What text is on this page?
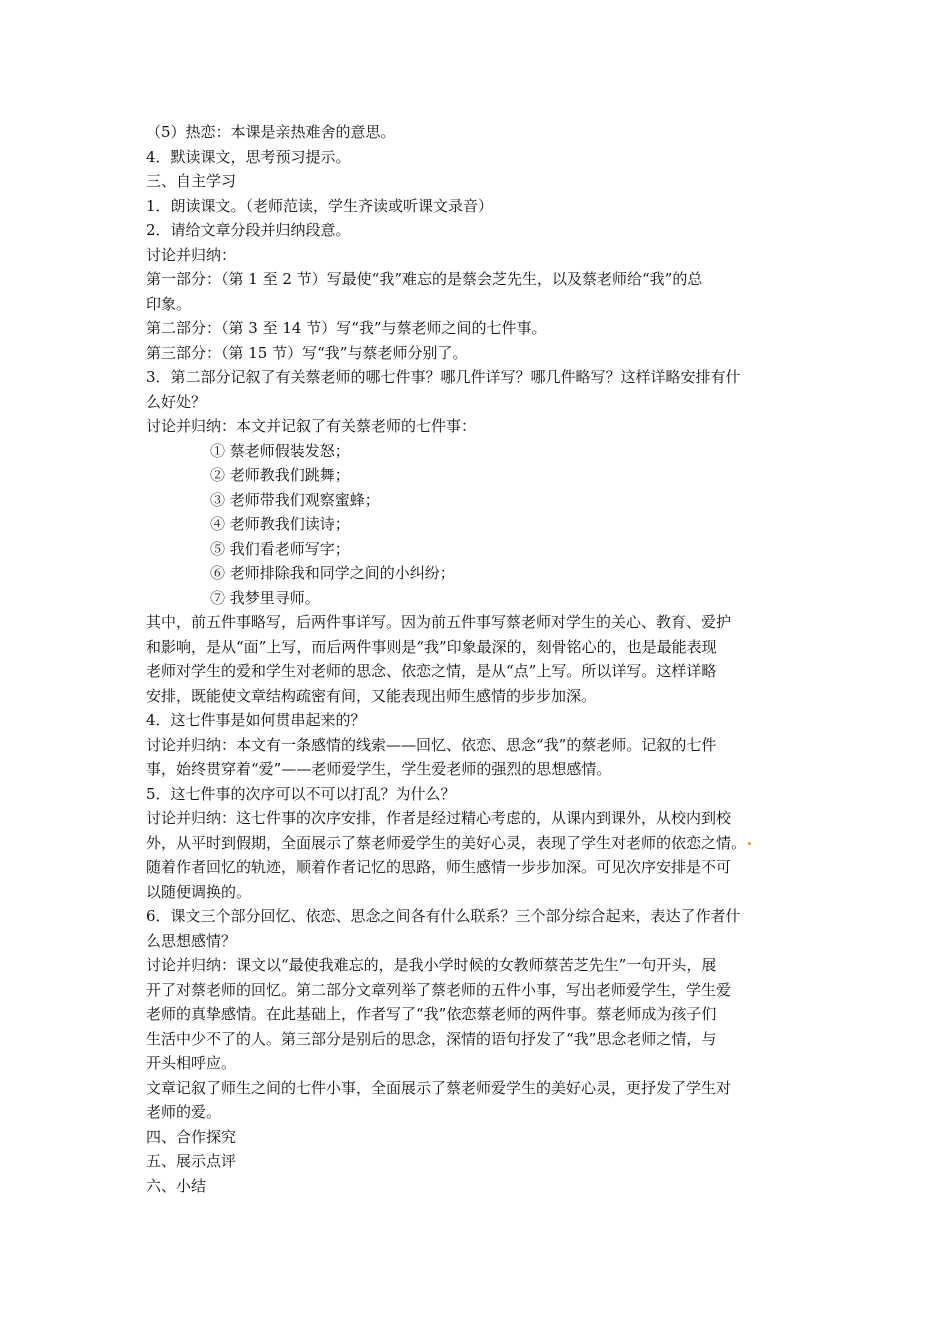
（5）热恋：本课是亲热难舍的意思。

4．默读课文，思考预习提示。

三、自主学习

1．朗读课文。（老师范读，学生齐读或听课文录音）

2．请给文章分段并归纳段意。

讨论并归纳：

第一部分：（第 1 至 2 节）写最使“我”难忘的是蔡会芝先生，以及蔡老师给“我”的总

印象。

第二部分：（第 3 至 14 节）写“我”与蔡老师之间的七件事。

第三部分：（第 15 节）写“我”与蔡老师分别了。

3．第二部分记叙了有关蔡老师的哪七件事？哪几件详写？哪几件略写？这样详略安排有什

么好处？

讨论并归纳：本文并记叙了有关蔡老师的七件事：

① 蔡老师假装发怒；

② 老师教我们跳舞；

③ 老师带我们观察蜜蜂；

④ 老师教我们读诗；

⑤ 我们看老师写字；

⑥ 老师排除我和同学之间的小纠纷；

⑦ 我梦里寻师。

其中，前五件事略写，后两件事详写。因为前五件事写蔡老师对学生的关心、教育、爱护

和影响，是从“面”上写，而后两件事则是“我”印象最深的，刻骨铭心的，也是最能表现

老师对学生的爱和学生对老师的思念、依恋之情，是从“点”上写。所以详写。这样详略

安排，既能使文章结构疏密有间，又能表现出师生感情的步步加深。

4．这七件事是如何贯串起来的？

讨论并归纳：本文有一条感情的线索——回忆、依恋、思念“我”的蔡老师。记叙的七件

事，始终贯穿着“爱”——老师爱学生，学生爱老师的强烈的思想感情。

5．这七件事的次序可以不可以打乱？为什么？

讨论并归纳：这七件事的次序安排，作者是经过精心考虑的，从课内到课外，从校内到校

外，从平时到假期，全面展示了蔡老师爱学生的美好心灵，表现了学生对老师的依恋之情。

随着作者回忆的轨迹，顺着作者记忆的思路，师生感情一步步加深。可见次序安排是不可

以随便调换的。

6．课文三个部分回忆、依恋、思念之间各有什么联系？三个部分综合起来，表达了作者什

么思想感情？

讨论并归纳：课文以“最使我难忘的，是我小学时候的女教师蔡苦芝先生”一句开头，展

开了对蔡老师的回忆。第二部分文章列举了蔡老师的五件小事，写出老师爱学生，学生爱

老师的真挚感情。在此基础上，作者写了“我”依恋蔡老师的两件事。蔡老师成为孩子们

生活中少不了的人。第三部分是别后的思念，深情的语句抒发了“我”思念老师之情，与

开头相呼应。

文章记叙了师生之间的七件小事，全面展示了蔡老师爱学生的美好心灵，更抒发了学生对

老师的爱。

四、合作探究

五、展示点评

六、小结
